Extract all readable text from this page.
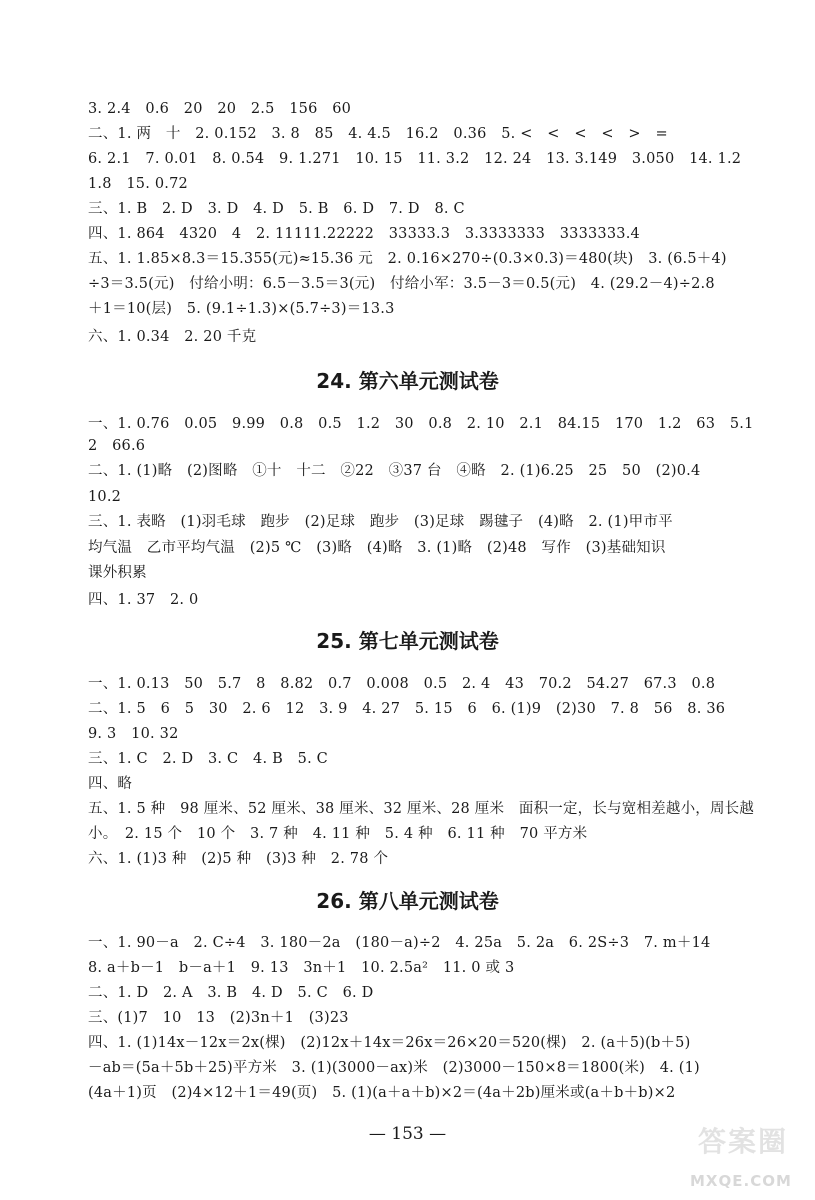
3. 2.4　0.6　20　20　2.5　156　60
二、1. 两　十　2. 0.152　3. 8　85　4. 4.5　16.2　0.36　5. <　<　<　<　>　=
6. 2.1　7. 0.01　8. 0.54　9. 1.271　10. 15　11. 3.2　12. 24　13. 3.149　3.050　14. 1.2
1.8　15. 0.72
三、1. B　2. D　3. D　4. D　5. B　6. D　7. D　8. C
四、1. 864　4320　4　2. 11111.22222　33333.3　3.3333333　3333333.4
五、1. 1.85×8.3＝15.355(元)≈15.36 元　2. 0.16×270÷(0.3×0.3)＝480(块)　3. (6.5＋4)
÷3＝3.5(元)　付给小明：6.5－3.5＝3(元)　付给小军：3.5－3＝0.5(元)　4. (29.2－4)÷2.8
＋1＝10(层)　5. (9.1÷1.3)×(5.7÷3)＝13.3
六、1. 0.34　2. 20 千克
24. 第六单元测试卷
一、1. 0.76　0.05　9.99　0.8　0.5　1.2　30　0.8　2. 10　2.1　84.15　170　1.2　63　5.1
2　66.6
二、1. (1)略　(2)图略　①十　十二　②22　③37 台　④略　2. (1)6.25　25　50　(2)0.4
10.2
三、1. 表略　(1)羽毛球　跑步　(2)足球　跑步　(3)足球　踢毽子　(4)略　2. (1)甲市平
均气温　乙市平均气温　(2)5 ℃　(3)略　(4)略　3. (1)略　(2)48　写作　(3)基础知识
课外积累
四、1. 37　2. 0
25. 第七单元测试卷
一、1. 0.13　50　5.7　8　8.82　0.7　0.008　0.5　2. 4　43　70.2　54.27　67.3　0.8
二、1. 5　6　5　30　2. 6　12　3. 9　4. 27　5. 15　6　6. (1)9　(2)30　7. 8　56　8. 36
9. 3　10. 32
三、1. C　2. D　3. C　4. B　5. C
四、略
五、1. 5 种　98 厘米、52 厘米、38 厘米、32 厘米、28 厘米　面积一定，长与宽相差越小，周长越
小。　2. 15 个　10 个　3. 7 种　4. 11 种　5. 4 种　6. 11 种　70 平方米
六、1. (1)3 种　(2)5 种　(3)3 种　2. 78 个
26. 第八单元测试卷
一、1. 90－a　2. C÷4　3. 180－2a　(180－a)÷2　4. 25a　5. 2a　6. 2S÷3　7. m＋14
8. a＋b－1　b－a＋1　9. 13　3n＋1　10. 2.5a²　11. 0 或 3
二、1. D　2. A　3. B　4. D　5. C　6. D
三、(1)7　10　13　(2)3n＋1　(3)23
四、1. (1)14x－12x＝2x(棵)　(2)12x＋14x＝26x＝26×20＝520(棵)　2. (a＋5)(b＋5)
－ab＝(5a＋5b＋25)平方米　3. (1)(3000－ax)米　(2)3000－150×8＝1800(米)　4. (1)
(4a＋1)页　(2)4×12＋1＝49(页)　5. (1)(a＋a＋b)×2＝(4a＋2b)厘米或(a＋b＋b)×2
— 153 —	答案圈
MXQE.COM
